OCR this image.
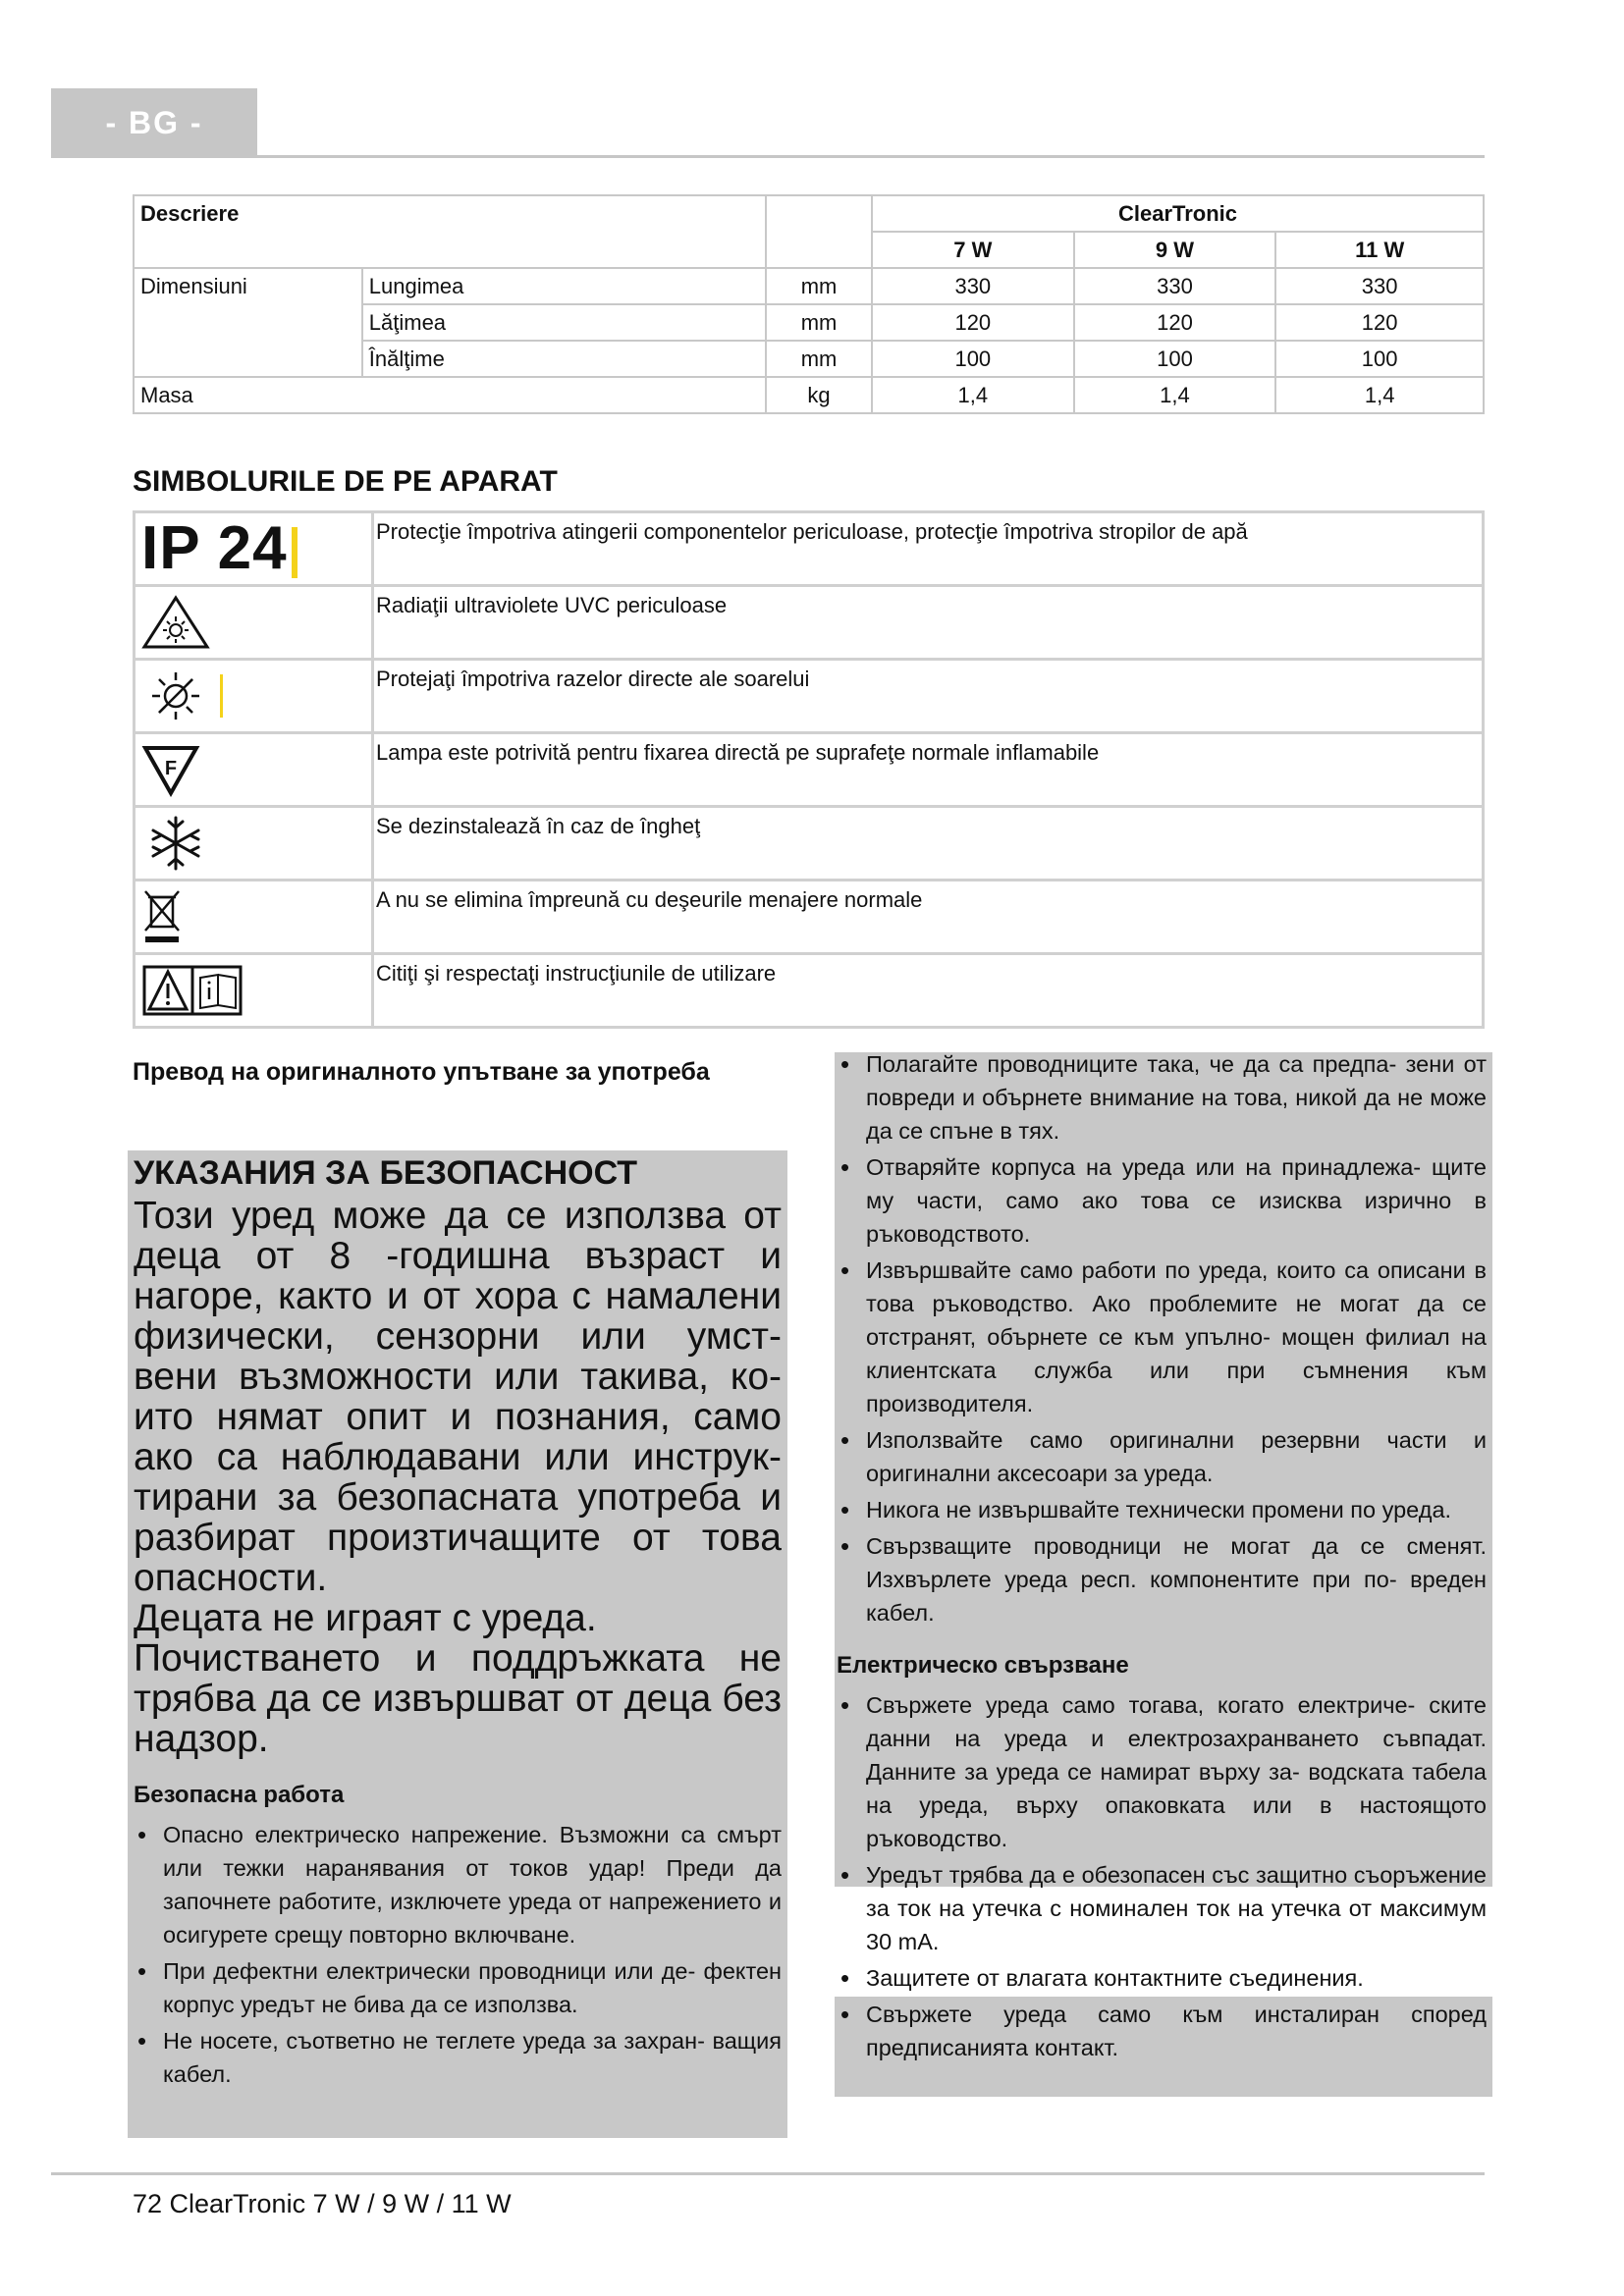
- BG -
Descriere			ClearTronic		
			7 W	9 W	11 W
Dimensiuni	Lungimea	mm	330	330	330
	Lăţimea	mm	120	120	120
	Înălţime	mm	100	100	100
Masa		kg	1,4	1,4	1,4
SIMBOLURILE DE PE APARAT
IP 24	Protecţie împotriva atingerii componentelor periculoase, protecţie împotriva stropilor de apă

	Radiaţii ultraviolete UVC periculoase

	Protejaţi împotriva razelor directe ale soarelui

F	Lampa este potrivită pentru fixarea directă pe suprafeţe normale inflamabile

	Se dezinstalează în caz de îngheţ

	A nu se elimina împreună cu deşeurile menajere normale

	Citiţi şi respectaţi instrucţiunile de utilizare
Превод на оригиналното упътване за употреба
УКАЗАНИЯ ЗА БЕЗОПАСНОСТ

Този уред може да се използва от деца от 8 -годишна възраст и нагоре, както и от хора с намалени физически, сензорни или умст- вени възможности или такива, ко- ито нямат опит и познания, само ако са наблюдавани или инструк- тирани за безопасната употреба и разбират произтичащите от това опасности.

Децата не играят с уреда.

Почистването и поддръжката не трябва да се извършват от деца без надзор.

Безопасна работа
• Опасно електрическо напрежение. Възможни са смърт или тежки наранявания от токов удар! Преди да започнете работите, изключете уреда от напрежението и осигурете срещу повторно включване.
• При дефектни електрически проводници или де- фектен корпус уредът не бива да се използва.
• Не носете, съответно не теглете уреда за захран- ващия кабел.
• Полагайте проводниците така, че да са предпа- зени от повреди и обърнете внимание на това, никой да не може да се спъне в тях.
• Отваряйте корпуса на уреда или на принадлежа- щите му части, само ако това се изисква изрично в ръководството.
• Извършвайте само работи по уреда, които са описани в това ръководство. Ако проблемите не могат да се отстранят, обърнете се към упълно- мощен филиал на клиентската служба или при съмнения към производителя.
• Използвайте само оригинални резервни части и оригинални аксесоари за уреда.
• Никога не извършвайте технически промени по уреда.
• Свързващите проводници не могат да се сменят. Изхвърлете уреда респ. компонентите при по- вреден кабел.
Електрическо свързване
• Свържете уреда само тогава, когато електриче- ските данни на уреда и електрозахранването съвпадат. Данните за уреда се намират върху за- водската табела на уреда, върху опаковката или в настоящото ръководство.
• Уредът трябва да е обезопасен със защитно съоръжение за ток на утечка с номинален ток на утечка от максимум 30 mA.
• Защитете от влагата контактните съединения.
• Свържете уреда само към инсталиран според предписанията контакт.
72 ClearTronic 7 W / 9 W / 11 W
